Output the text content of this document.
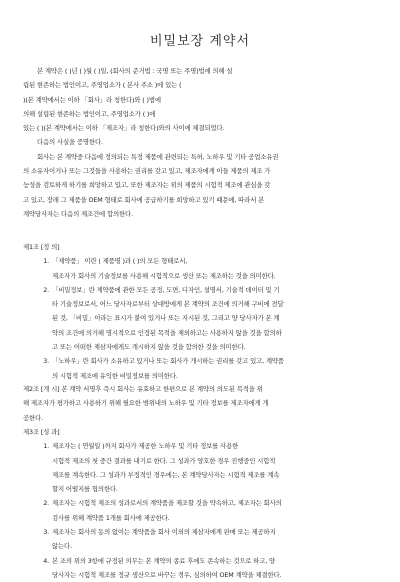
비밀보장 계약서
본 계약은 ( )년 ( )월 ( )일, (회사의 준거법 : 국명 또는 주명)법에 의해 설
립된 현존하는 법인이고, 주영업소가 ( 본사 주소 )에 있는 (
)(본 계약에서는 이하 「회사」라 칭한다)와 ( )법에
의해 설립된 현존하는 법인이고, 주영업소가 ( )에
있는 ( )(본 계약에서는 이하 「제조자」라 칭한다)와의 사이에 체결되었다.
다음의 사실을 증명한다.
회사는 본 계약중 다음에 정의되는 특정 제품에 관련되는 특허, 노하우 및 기타 공업소유권
의 소유자이거나 또는 그것들을 사용하는 권리를 갖고 있고, 제조자에게 이들 제품의 제조 가
능성을 검토하게 하기를 희망하고 있고, 또한 제조자는 위의 제품의 시험적 제조에 관심을 갖
고 있고, 장래 그 제품을 OEM 형태로 회사에 공급하기를 희망하고 있기 때문에, 따라서 본
계약당사자는 다음의 제조건에 합의한다.
제1조 [정 의]
1. 「제약품」 이란 ( 제품명 )과 ( )의 모든 형태로서,
제조자가 회사의 기술정보를 사용해 시험적으로 생산 또는 제조하는 것을 의미한다.
2. 「비밀정보」란 계약품에 관한 모든 공정, 도면, 디자인, 설명서, 기술적 데이터 및 기
타 기술정보로서, 어느 당사자로부터 상대방에게 본 계약의 조건에 의거해 구비에 전달
된 것, 「비밀」이라는 표시가 붙여 있거나 또는 지시된 것, 그리고 양 당사자가 본 계
약의 조건에 의거해 명시적으로 인정된 목적을 제외하고는 사용하지 않을 것을 합의하
고 또는 어떠한 제삼자에게도 개시하지 않을 것을 합의한 것을 의미한다.
3. 「노하우」란 회사가 소유하고 있거나 또는 회사가 개시하는 권리를 갖고 있고, 계약품
의 시험적 제조에 유익한 비밀정보를 의미한다.
제2조 [개 시] 본 계약 서명후 즉시 회사는 유효하고 한편으로 본 계약의 의도된 목적을 위
해 제조자가 평가하고 사용하기 위해 필요한 범위내의 노하우 및 기타 정보를 제조자에게 개
공한다.
제3조 [성 과]
1. 제조자는 ( 연월일 )까지 회사가 제공한 노하우 및 기타 정보를 사용한
시험적 제조의 첫 중간 결과를 내기로 한다. 그 성과가 양호한 경우 진행중인 시험적
제조를 계속한다. 그 성과가 부정적인 경우에는, 본 계약당사자는 시험적 제조를 계속
할지 어떨지를 협의한다.
2. 제조자는 시험적 제조의 성과로서의 계약품을 제조할 것을 약속하고, 제조자는 회사의
검사를 위해 계약품 1개를 회사에 제공한다.
3. 제조자는 회사의 동의 없이는 계약품을 회사 이외의 제삼자에게 판매 또는 제공하지
않는다.
4. 본 조의 위의 3항에 규정된 의무는 본 계약의 종료 후에도 존속하는 것으로 하고, 양
당사자는 시험적 제조를 정규 생산으로 바꾸는 경우, 심의하여 OEM 계약을 체결한다.
